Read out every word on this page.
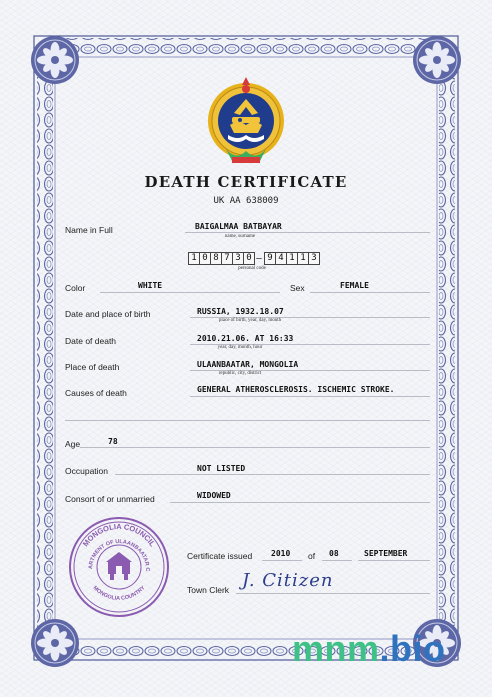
DEATH CERTIFICATE
UK AA 638009
Name in Full	BAIGALMAA BATBAYAR
name, surname
1 0 8 7 3 0 – 9 4 1 1 3
personal code
Color	WHITE	Sex	FEMALE
Date and place of birth	RUSSIA, 1932.18.07
place of birth, year, day, month
Date of death	2010.21.06. AT 16:33
year, day, month, hour
Place of death	ULAANBAATAR, MONGOLIA
republic, city, district
Causes of death	GENERAL ATHEROSCLEROSIS. ISCHEMIC STROKE.
Age	78
Occupation	NOT LISTED
Consort of or unmarried	WIDOWED
MONGOLIA COUNCIL
ARTMENT OF ULAANBAATAR C
MONGOLIA COUNTRY
Certificate issued 2010 of 08	SEPTEMBER
Town Clerk J. Citizen
mnm.bio
